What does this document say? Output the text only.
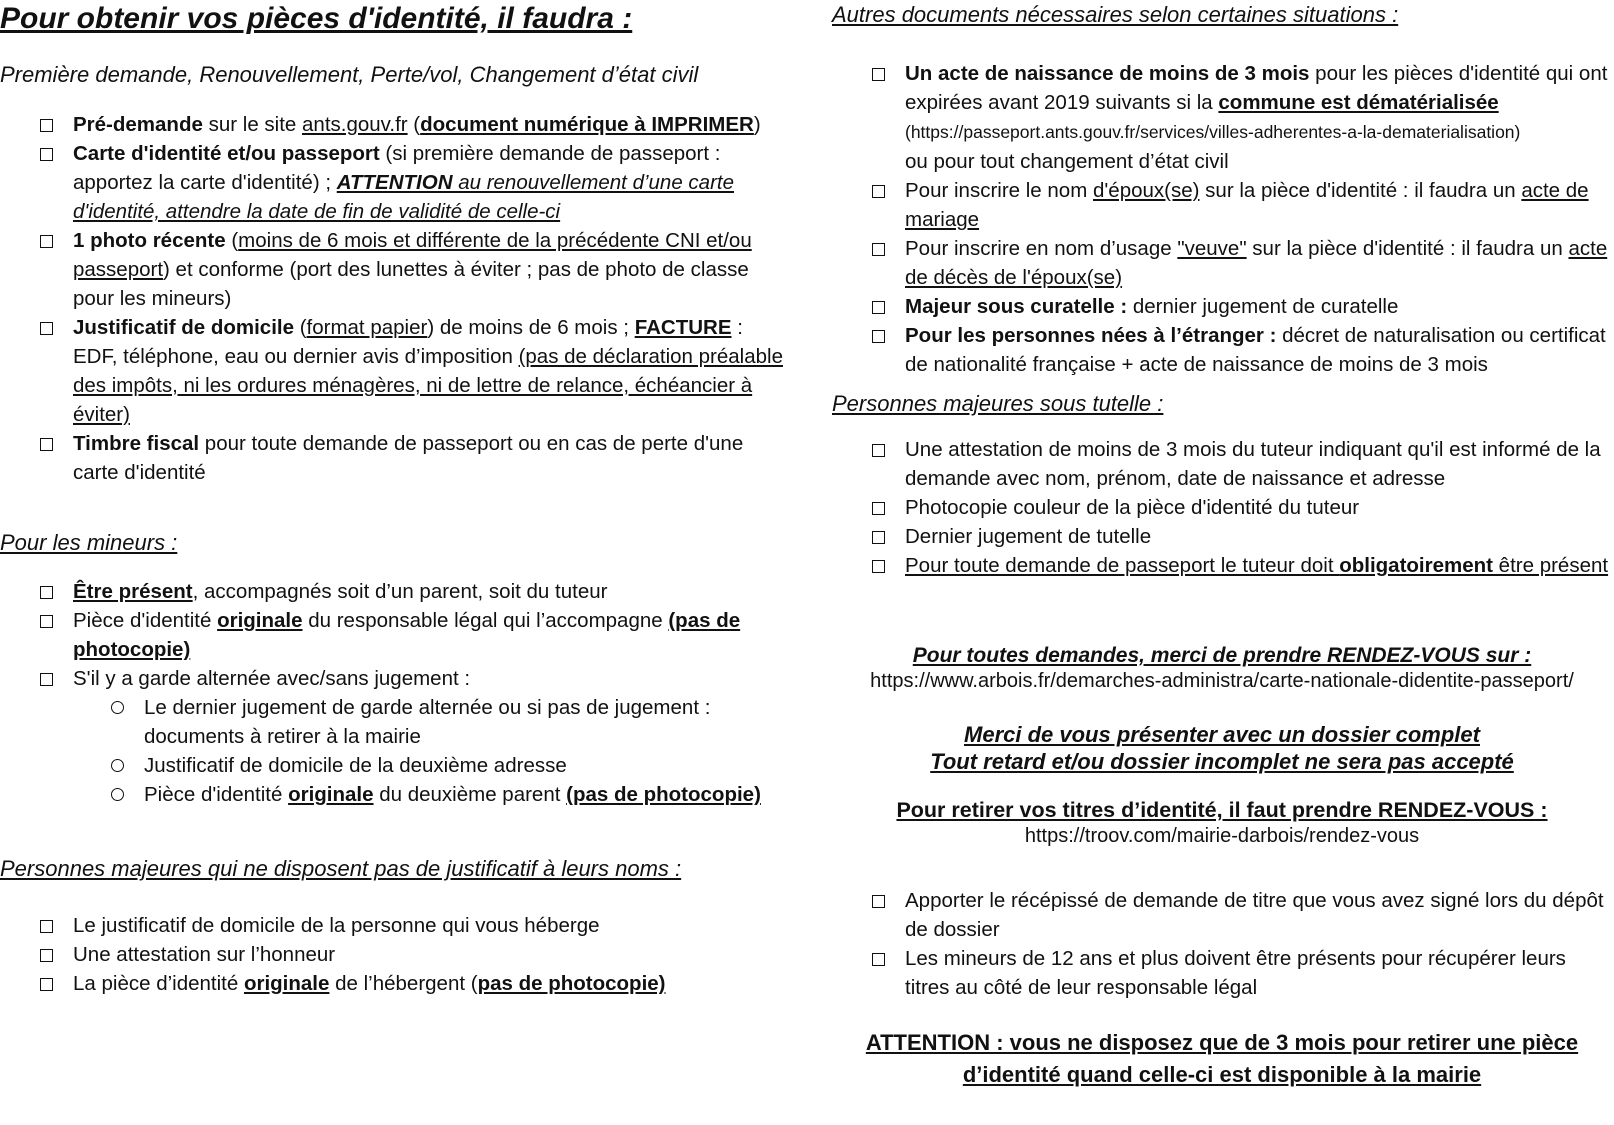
Pour obtenir vos pièces d'identité, il faudra :

Première demande, Renouvellement, Perte/vol, Changement d’état civil

Pré-demande sur le site ants.gouv.fr (document numérique à IMPRIMER)
Carte d'identité et/ou passeport (si première demande de passeport : apportez la carte d'identité) ; ATTENTION au renouvellement d’une carte d'identité, attendre la date de fin de validité de celle-ci
1 photo récente (moins de 6 mois et différente de la précédente CNI et/ou passeport) et conforme (port des lunettes à éviter ; pas de photo de classe pour les mineurs)
Justificatif de domicile (format papier) de moins de 6 mois ; FACTURE : EDF, téléphone, eau ou dernier avis d’imposition (pas de déclaration préalable des impôts, ni les ordures ménagères, ni de lettre de relance, échéancier à éviter)
Timbre fiscal pour toute demande de passeport ou en cas de perte d'une carte d'identité

Pour les mineurs :

Être présent, accompagnés soit d’un parent, soit du tuteur
Pièce d'identité originale du responsable légal qui l’accompagne (pas de photocopie)
S'il y a garde alternée avec/sans jugement :
Le dernier jugement de garde alternée ou si pas de jugement : documents à retirer à la mairie
Justificatif de domicile de la deuxième adresse
Pièce d'identité originale du deuxième parent (pas de photocopie)

Personnes majeures qui ne disposent pas de justificatif à leurs noms :

Le justificatif de domicile de la personne qui vous héberge
Une attestation sur l’honneur
La pièce d’identité originale de l’hébergent (pas de photocopie)

Autres documents nécessaires selon certaines situations :

Un acte de naissance de moins de 3 mois pour les pièces d'identité qui ont expirées avant 2019 suivants si la commune est dématérialisée
(https://passeport.ants.gouv.fr/services/villes-adherentes-a-la-dematerialisation)
ou pour tout changement d’état civil
Pour inscrire le nom d'époux(se) sur la pièce d'identité : il faudra un acte de mariage
Pour inscrire en nom d’usage "veuve" sur la pièce d'identité : il faudra un acte de décès de l'époux(se)
Majeur sous curatelle : dernier jugement de curatelle
Pour les personnes nées à l’étranger : décret de naturalisation ou certificat de nationalité française + acte de naissance de moins de 3 mois

Personnes majeures sous tutelle :

Une attestation de moins de 3 mois du tuteur indiquant qu'il est informé de la demande avec nom, prénom, date de naissance et adresse
Photocopie couleur de la pièce d'identité du tuteur
Dernier jugement de tutelle
Pour toute demande de passeport le tuteur doit obligatoirement être présent
Pour toutes demandes, merci de prendre RENDEZ-VOUS sur :
https://www.arbois.fr/demarches-administra/carte-nationale-didentite-passeport/
Merci de vous présenter avec un dossier complet
Tout retard et/ou dossier incomplet ne sera pas accepté
Pour retirer vos titres d’identité, il faut prendre RENDEZ-VOUS :
https://troov.com/mairie-darbois/rendez-vous
Apporter le récépissé de demande de titre que vous avez signé lors du dépôt de dossier
Les mineurs de 12 ans et plus doivent être présents pour récupérer leurs titres au côté de leur responsable légal
ATTENTION : vous ne disposez que de 3 mois pour retirer une pièce
d’identité quand celle-ci est disponible à la mairie
